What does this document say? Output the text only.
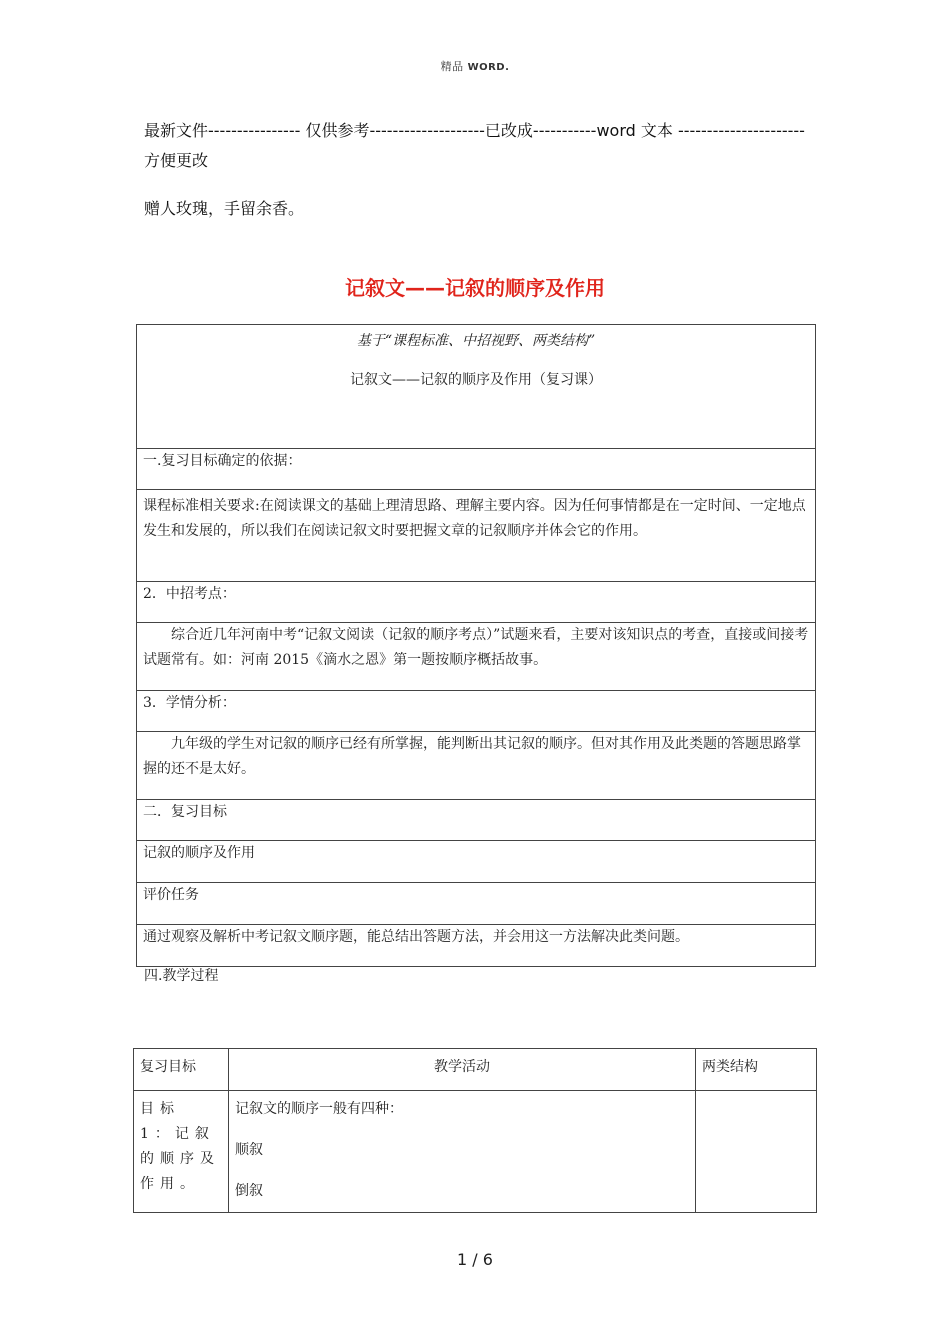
精品 WORD.
最新文件---------------- 仅供参考--------------------已改成-----------word 文本 ---------------------- 方便更改
赠人玫瑰，手留余香。
记叙文——记叙的顺序及作用
基于“课程标准、中招视野、两类结构”
记叙文——记叙的顺序及作用（复习课）

一.复习目标确定的依据：
课程标准相关要求:在阅读课文的基础上理清思路、理解主要内容。因为任何事情都是在一定时间、一定地点发生和发展的，所以我们在阅读记叙文时要把握文章的记叙顺序并体会它的作用。
2．中招考点：
综合近几年河南中考“记叙文阅读（记叙的顺序考点）”试题来看，主要对该知识点的考查，直接或间接考试题常有。如：河南 2015《滴水之恩》第一题按顺序概括故事。
3．学情分析：
九年级的学生对记叙的顺序已经有所掌握，能判断出其记叙的顺序。但对其作用及此类题的答题思路掌握的还不是太好。
二．复习目标
记叙的顺序及作用
评价任务
通过观察及解析中考记叙文顺序题，能总结出答题方法，并会用这一方法解决此类问题。
四.教学过程
复习目标	教学活动	两类结构
目标 1：记叙的顺序及作用。	记叙文的顺序一般有四种：
顺叙
倒叙	

1 / 6
